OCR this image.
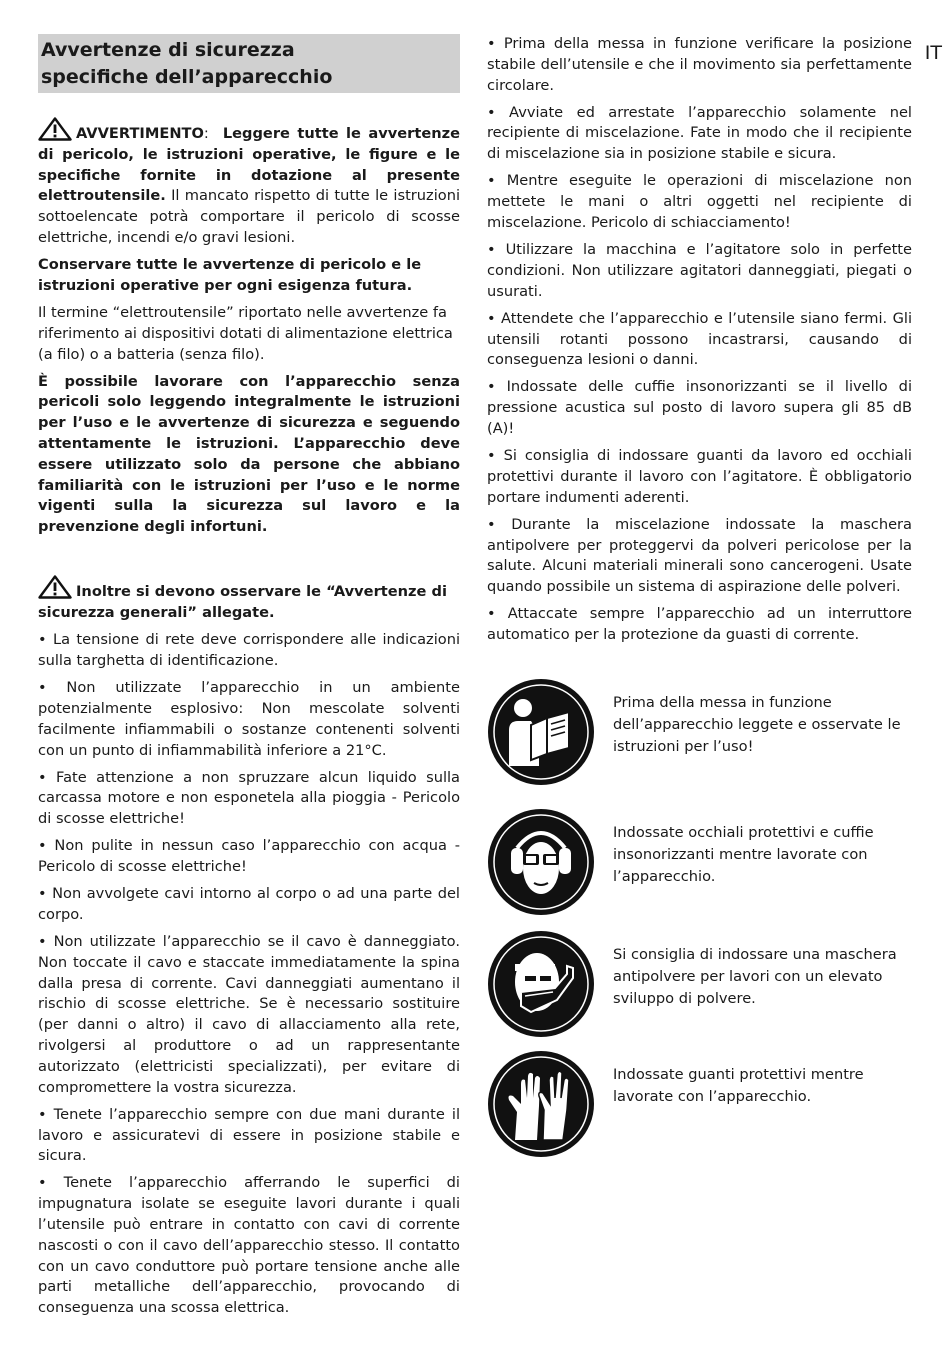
IT
Avvertenze di sicurezza
specifiche dell’apparecchio

AVVERTIMENTO: Leggere tutte le avvertenze di pericolo, le istruzioni operative, le figure e le specifiche fornite in dotazione al presente elettroutensile. Il mancato rispetto di tutte le istruzioni sottoelencate potrà comportare il pericolo di scosse elettriche, incendi e/o gravi lesioni.

Conservare tutte le avvertenze di pericolo e le istruzioni operative per ogni esigenza futura.

Il termine “elettroutensile” riportato nelle avvertenze fa riferimento ai dispositivi dotati di alimentazione elettrica (a filo) o a batteria (senza filo).

È possibile lavorare con l’apparecchio senza pericoli solo leggendo integralmente le istruzioni per l’uso e le avvertenze di sicurezza e seguendo attentamente le istruzioni. L’apparecchio deve essere utilizzato solo da persone che abbiano familiarità con le istruzioni per l’uso e le norme vigenti sulla la sicurezza sul lavoro e la prevenzione degli infortuni.

Inoltre si devono osservare le “Avvertenze di sicurezza generali” allegate.

• La tensione di rete deve corrispondere alle indicazioni sulla targhetta di identificazione.

• Non utilizzate l’apparecchio in un ambiente potenzialmente esplosivo: Non mescolate solventi facilmente infiammabili o sostanze contenenti solventi con un punto di infiammabilità inferiore a 21°C.

• Fate attenzione a non spruzzare alcun liquido sulla carcassa motore e non esponetela alla pioggia - Pericolo di scosse elettriche!

• Non pulite in nessun caso l’apparecchio con acqua - Pericolo di scosse elettriche!

• Non avvolgete cavi intorno al corpo o ad una parte del corpo.

• Non utilizzate l’apparecchio se il cavo è danneggiato. Non toccate il cavo e staccate immediatamente la spina dalla presa di corrente. Cavi danneggiati aumentano il rischio di scosse elettriche. Se è necessario sostituire (per danni o altro) il cavo di allacciamento alla rete, rivolgersi al produttore o ad un rappresentante autorizzato (elettricisti specializzati), per evitare di compromettere la vostra sicurezza.

• Tenete l’apparecchio sempre con due mani durante il lavoro e assicuratevi di essere in posizione stabile e sicura.

• Tenete l’apparecchio afferrando le superfici di impugnatura isolate se eseguite lavori durante i quali l’utensile può entrare in contatto con cavi di corrente nascosti o con il cavo dell’apparecchio stesso. Il contatto con un cavo conduttore può portare tensione anche alle parti metalliche dell’apparecchio, provocando di conseguenza una scossa elettrica.

• Prima della messa in funzione verificare la posizione stabile dell’utensile e che il movimento sia perfettamente circolare.

• Avviate ed arrestate l’apparecchio solamente nel recipiente di miscelazione. Fate in modo che il recipiente di miscelazione sia in posizione stabile e sicura.

• Mentre eseguite le operazioni di miscelazione non mettete le mani o altri oggetti nel recipiente di miscelazione. Pericolo di schiacciamento!

• Utilizzare la macchina e l’agitatore solo in perfette condizioni. Non utilizzare agitatori danneggiati, piegati o usurati.

• Attendete che l’apparecchio e l’utensile siano fermi. Gli utensili rotanti possono incastrarsi, causando di conseguenza lesioni o danni.

• Indossate delle cuffie insonorizzanti se il livello di pressione acustica sul posto di lavoro supera gli 85 dB (A)!

• Si consiglia di indossare guanti da lavoro ed occhiali protettivi durante il lavoro con l’agitatore. È obbligatorio portare indumenti aderenti.

• Durante la miscelazione indossate la maschera antipolvere per proteggervi da polveri pericolose per la salute. Alcuni materiali minerali sono cancerogeni. Usate quando possibile un sistema di aspirazione delle polveri.

• Attaccate sempre l’apparecchio ad un interruttore automatico per la protezione da guasti di corrente.

Prima della messa in funzione dell’apparecchio leggete e osservate le istruzioni per l’uso!
Indossate occhiali protettivi e cuffie insonorizzanti mentre lavorate con l’apparecchio.
Si consiglia di indossare una maschera antipolvere per lavori con un elevato sviluppo di polvere.
Indossate guanti protettivi mentre lavorate con l’apparecchio.
